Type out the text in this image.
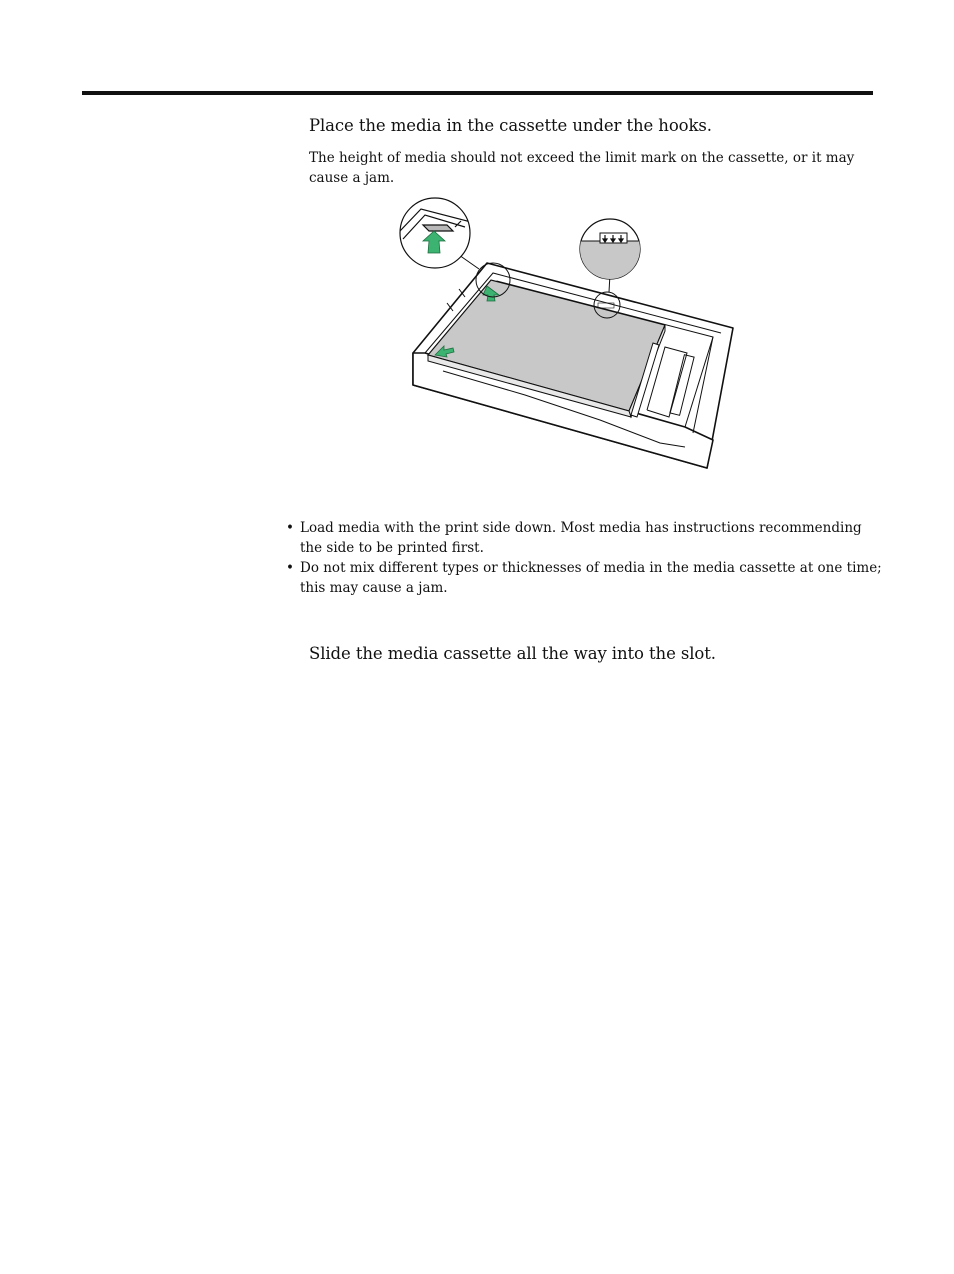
Place the media in the cassette under the hooks.
The height of media should not exceed the limit mark on the cassette, or it may cause a jam.
• Load media with the print side down. Most media has instructions recommending the side to be printed first.
• Do not mix different types or thicknesses of media in the media cassette at one time; this may cause a jam.
Slide the media cassette all the way into the slot.
